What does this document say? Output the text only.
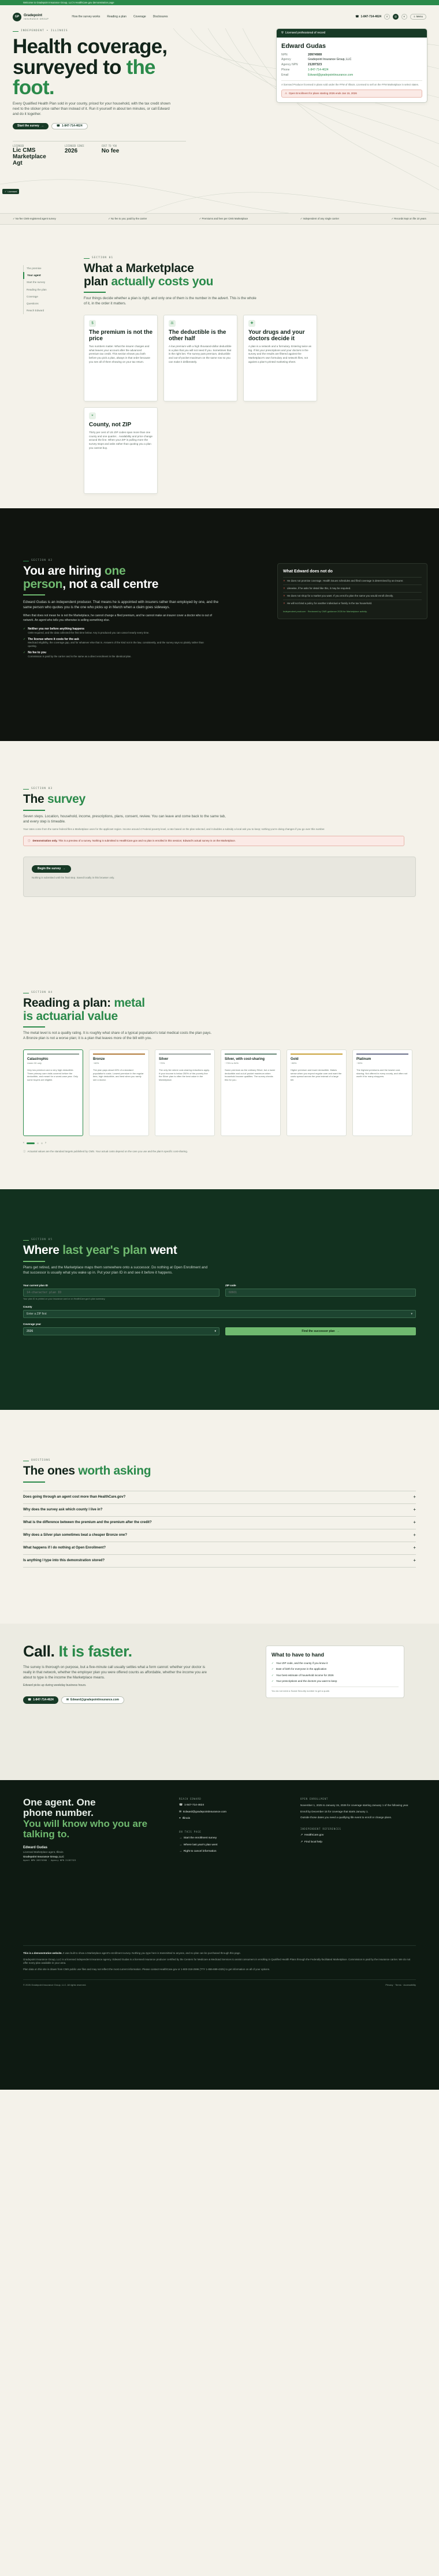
Welcome to Gradepoint Insurance Group, LLC's HealthCare.gov demonstration page
GP	Gradepoint
INSURANCE GROUP
How the survey works Reading a plan Coverage Disclosures	☎ 1-847-714-4624	⌕	◎	◐	≡ Menu
INDEPENDENT • ILLINOIS
Health coverage,
surveyed to the
foot.

Every Qualified Health Plan sold in your county, priced for your household, with the tax credit shown next to the sticker price rather than instead of it. Run it yourself in about ten minutes, or call Edward and do it together.

Start the survey →	☎ 1-847-714-4624
LICENSED
Lic CMS Marketplace Agt
LICENSED SINCE
2026
COST TO YOU
No fee
✓ Licensed
⛨ Licensed professional of record
Edward Gudas
NPN	20974980
Agency	Gradepoint Insurance Group, LLC
Agency NPN	21287323
Phone	1-847-714-4624
Email	Edward@gradepointinsurance.com

A licensed Producer licensed in plans sold under the FFM of Illinois. Licensed to sell on the FFM Marketplace in select states.

⚠ Open Enrollment for plans starting 2026 ends Jan 15, 2026
✓ No-fee CMS-registered agent survey	✓ No fee to you; paid by the carrier	✓ Premiums and fees per CMS Marketplace	✓ Independent of any single carrier	✓ Records kept on file 10 years
The premise
Your agent
Start the survey
Reading the plan
Coverage
Questions
Reach Edward
SECTION 01
What a Marketplace
plan actually costs you

Four things decide whether a plan is right, and only one of them is the number in the advert. This is the whole of it, in the order it matters.

$
The premium is not the price

Two numbers matter. What the insurer charges and what leaves your account after the advanced premium tax credit. This section shows you both before you pick a plan, always in that order because you see all of them showing on your tax return.

⚖
The deductible is the other half

A low premium with a high thousand-dollar deductible is a plan that you will not need if you. Sometimes that is the right bet. The survey puts premium, deductible and out-of-pocket maximum on the same row so you can make it deliberately.

✚
Your drugs and your doctors decide it

A plan is a network and a formulary. Entering twice as big. If list your prescriptions and your doctors in the survey and the results are filtered against the Marketplace's own formulary and network files, not against a plan's printed marketing sheet.

⌖
County, not ZIP

Thirty per cent of US ZIP codes span more than one county and one quarter... Availability and price change around the line. When your ZIP is pulling more the survey stops and asks rather than quoting you a plan you cannot buy.

SECTION 02
You are hiring one
person, not a call centre

Edward Gudas is an independent producer. That means he is appointed with insurers rather than employed by one, and the same person who quotes you is the one who picks up in March when a claim goes sideways.

When that does not mean he is not the Marketplace, he cannot change a filed premium, and he cannot make an insurer cover a doctor who is out of network. An agent who tells you otherwise is selling something else.

✓ Neither you nor before anything happens
CMS-required, and the data collected the first time below. Any is produced you can cancel nearly every time.
✓ The license where it costs for the ask
Medicaid eligibility, the coverage gap, and for whatever else that is. Answers of the kind not in the law, consistently, and the survey says so plainly rather than quoting.
✓ No fee to you
Commission is paid by the carrier and is the same as a direct enrolment in the identical plan.
What Edward does not do
✕ He does not promise coverage. Health issues schedules and filed coverage is determined by an insurer.
✕ Likewise, if he asks for detail like this, it may be required.
✕ He does not shop for a market you want. If you enroll a plan the same you would enroll directly.
✕ He will not bind a policy for another individual or family in the tax household.
Independent producer · Reviewed by CMS guidance 2026 for Marketplace activity.
SECTION 03
The survey

Seven steps. Location, household, income, prescriptions, plans, consent, review. You can leave and come back to the same tab, and every step is timeable.

Your rates come from the same federal files a Marketplace uses for the applicant region. Income around 4 Federal poverty level, a rate based on the plan selected, and it doubles a subsidy a local ask you to keep; nothing you're doing changes if you go over this number.

ⓘ Demonstration only. This is a preview of a survey. Nothing is submitted to HealthCare.gov and no plan is enrolled in this session; Edward's actual survey is on the Marketplace.
Begin the survey →
Nothing is submitted until the final step. Saved locally in this browser only.
SECTION 04
Reading a plan: metal
is actuarial value

The metal level is not a quality rating. It is roughly what share of a typical population's total medical costs the plan pays. A Bronze plan is not a worse plan; it is a plan that leaves more of the bill with you.

Catastrophic
Under 30 only

Very low premium and a very high deductible. Three primary care visits covered before the deductible, and meant for a worst-case year. Only some buyers are eligible.

Bronze
~60%

The plan pays about 60% of a standard population's costs. Lowest premium in the regular tiers, high deductible, and best when you rarely see a doctor.

Silver
~70%

The only tier where cost-sharing reductions apply. If your income is below 250% of the poverty line the Silver plan is often the best value in the Marketplace.

Silver, with cost-sharing
~73% to 94%

Same premium as the ordinary Silver, but a lower deductible and out-of-pocket maximum when household income qualifies. The survey checks this for you.

Gold
~80%

Higher premium and lower deductible. Makes sense when you expect regular care and want the costs spread across the year instead of a large bill.

Platinum
~90%

The highest premiums and the lowest cost-sharing. Not offered in every county, and often not worth it for many shoppers.

‹	›
ⓘ Actuarial values are the standard targets published by CMS. Your actual costs depend on the care you use and the plan's specific cost-sharing.
SECTION 05
Where last year's plan went

Plans get retired, and the Marketplace maps them somewhere onto a successor. Do nothing at Open Enrollment and that successor is usually what you wake up in. Put your plan ID in and see it before it happens.

Your current plan ID
14-character plan ID
Your plan ID is printed on your insurance card or on HealthCare.gov's plan summary.
ZIP code
60601
County
Enter a ZIP first	▾
Coverage year
2026	▾	Find the successor plan →
QUESTIONS
The ones worth asking
Does going through an agent cost more than HealthCare.gov?	+
Why does the survey ask which county I live in?	+
What is the difference between the premium and the premium after the credit?	+
Why does a Silver plan sometimes beat a cheaper Bronze one?	+
What happens if I do nothing at Open Enrollment?	+
Is anything I type into this demonstration stored?	+
Call. It is faster.

The survey is thorough on purpose, but a five-minute call usually settles what a form cannot: whether your doctor is really in that network, whether the employer plan you were offered counts as affordable, whether the income you are about to type is the income the Marketplace means.

Edward picks up during weekday business hours.

☎ 1-847-714-4624	✉ Edward@gradepointinsurance.com
What to have to hand
✓ Your ZIP code, and the county if you know it
✓ Date of birth for everyone in the application
✓ Your best estimate of household income for 2026
✓ Your prescriptions and the doctors you want to keep
You do not need a Social Security number to get a quote.
One agent. One
phone number.
You will know who you are
talking to.
Edward Gudas
Licensed Marketplace agent, Illinois
Gradepoint Insurance Group, LLC
Agent NPN 20974980 · Agency NPN 21287323
REACH EDWARD
☎ 1-847-714-4624
✉ Edward@gradepointinsurance.com
⌖ Illinois
ON THIS PAGE
→ Start the enrollment survey
→ Where last year's plan went
→ Right to cancel information
OPEN ENROLLMENT

November 1, 2025 to January 15, 2026 for coverage starting January 1 of the following year.

Enroll by December 15 for coverage that starts January 1.

Outside those dates you need a qualifying life event to enroll or change plans.

INDEPENDENT REFERENCES
↗ HealthCare.gov
↗ Find local help

This is a demonstration website. It was built to show a Marketplace agent's enrollment survey. Nothing you type here is transmitted to anyone, and no plan can be purchased through this page.

Gradepoint Insurance Group, LLC is a licensed independent insurance agency. Edward Gudas is a licensed insurance producer certified by the Centers for Medicare & Medicaid Services to assist consumers in enrolling in Qualified Health Plans through the Federally-facilitated Marketplace. Commission is paid by the insurance carrier. We do not offer every plan available in your area.

Plan data on this site is drawn from CMS public use files and may not reflect the most current information. Please contact HealthCare.gov or 1-800-318-2596 (TTY 1-855-889-4325) to get information on all of your options.

© 2026 Gradepoint Insurance Group, LLC. All rights reserved.	Privacy · Terms · Accessibility
